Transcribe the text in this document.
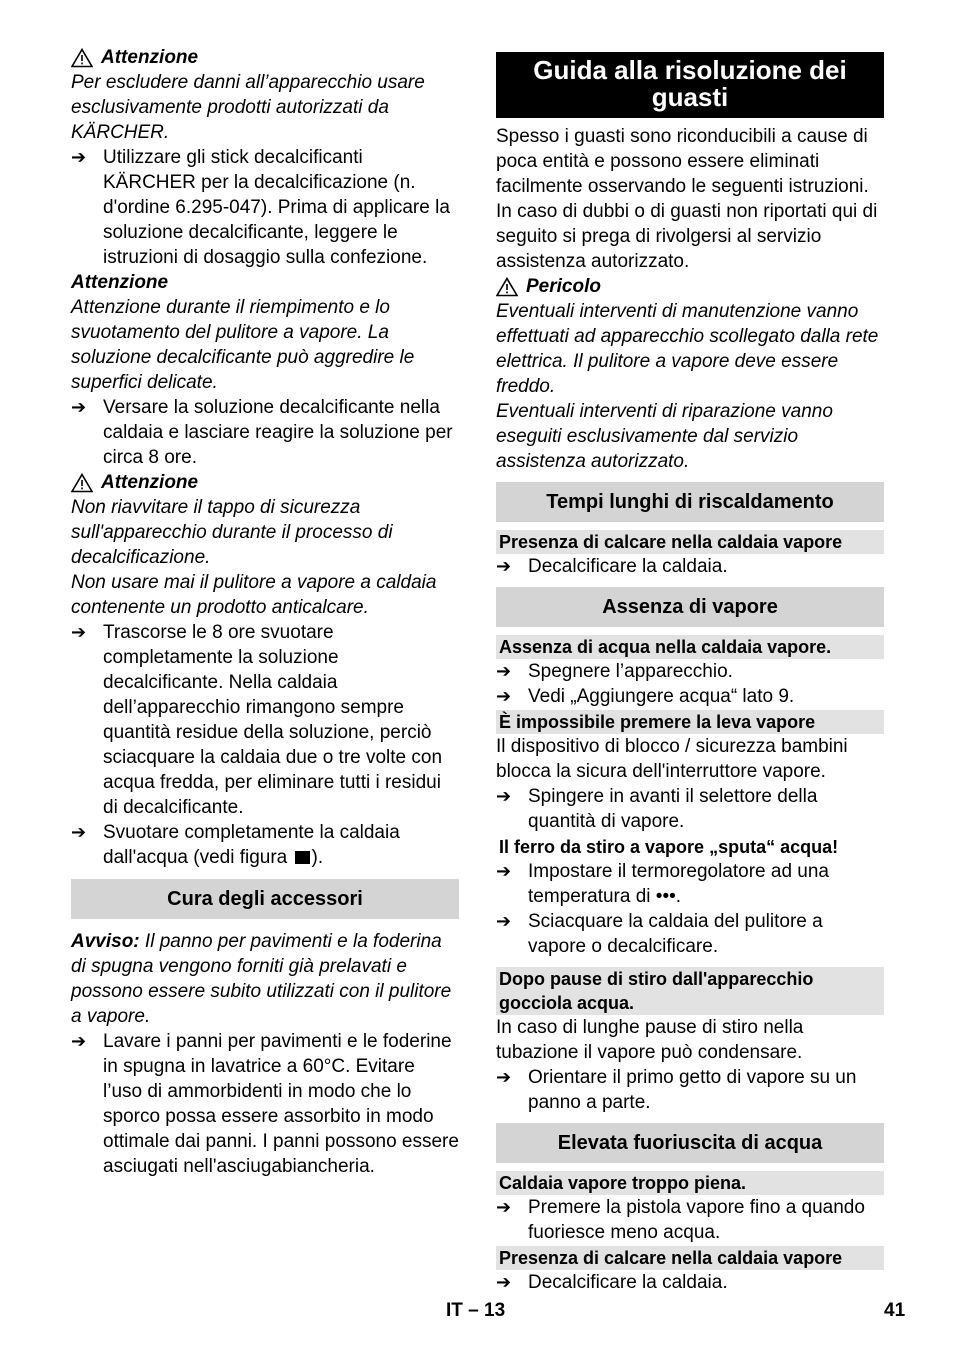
Attenzione

Per escludere danni all’apparecchio usare esclusivamente prodotti autorizzati da KÄRCHER.

➔ Utilizzare gli stick decalcificanti KÄRCHER per la decalcificazione (n. d'ordine 6.295-047). Prima di applicare la soluzione decalcificante, leggere le istruzioni di dosaggio sulla confezione.

Attenzione

Attenzione durante il riempimento e lo svuotamento del pulitore a vapore. La soluzione decalcificante può aggredire le superfici delicate.

➔ Versare la soluzione decalcificante nella caldaia e lasciare reagire la soluzione per circa 8 ore.

Attenzione

Non riavvitare il tappo di sicurezza sull'apparecchio durante il processo di decalcificazione.

Non usare mai il pulitore a vapore a caldaia contenente un prodotto anticalcare.

➔ Trascorse le 8 ore svuotare completamente la soluzione decalcificante. Nella caldaia dell’apparecchio rimangono sempre quantità residue della soluzione, perciò sciacquare la caldaia due o tre volte con acqua fredda, per eliminare tutti i residui di decalcificante.
➔ Svuotare completamente la caldaia dall'acqua (vedi figura ).
Cura degli accessori

Avviso: Il panno per pavimenti e la foderina di spugna vengono forniti già prelavati e possono essere subito utilizzati con il pulitore a vapore.

➔ Lavare i panni per pavimenti e le foderine in spugna in lavatrice a 60°C. Evitare l’uso di ammorbidenti in modo che lo sporco possa essere assorbito in modo ottimale dai panni. I panni possono essere asciugati nell'asciugabiancheria.
Guida alla risoluzione dei guasti

Spesso i guasti sono riconducibili a cause di poca entità e possono essere eliminati facilmente osservando le seguenti istruzioni. In caso di dubbi o di guasti non riportati qui di seguito si prega di rivolgersi al servizio assistenza autorizzato.

Pericolo

Eventuali interventi di manutenzione vanno effettuati ad apparecchio scollegato dalla rete elettrica. Il pulitore a vapore deve essere freddo.

Eventuali interventi di riparazione vanno eseguiti esclusivamente dal servizio assistenza autorizzato.

Tempi lunghi di riscaldamento
Presenza di calcare nella caldaia vapore
➔ Decalcificare la caldaia.
Assenza di vapore
Assenza di acqua nella caldaia vapore.
➔ Spegnere l’apparecchio.
➔ Vedi „Aggiungere acqua“ lato 9.
È impossibile premere la leva vapore

Il dispositivo di blocco / sicurezza bambini blocca la sicura dell'interruttore vapore.

➔ Spingere in avanti il selettore della quantità di vapore.
Il ferro da stiro a vapore „sputa“ acqua!
➔ Impostare il termoregolatore ad una temperatura di •••.
➔ Sciacquare la caldaia del pulitore a vapore o decalcificare.
Dopo pause di stiro dall'apparecchio gocciola acqua.

In caso di lunghe pause di stiro nella tubazione il vapore può condensare.

➔ Orientare il primo getto di vapore su un panno a parte.
Elevata fuoriuscita di acqua
Caldaia vapore troppo piena.
➔ Premere la pistola vapore fino a quando fuoriesce meno acqua.
Presenza di calcare nella caldaia vapore
➔ Decalcificare la caldaia.
IT – 13	41
